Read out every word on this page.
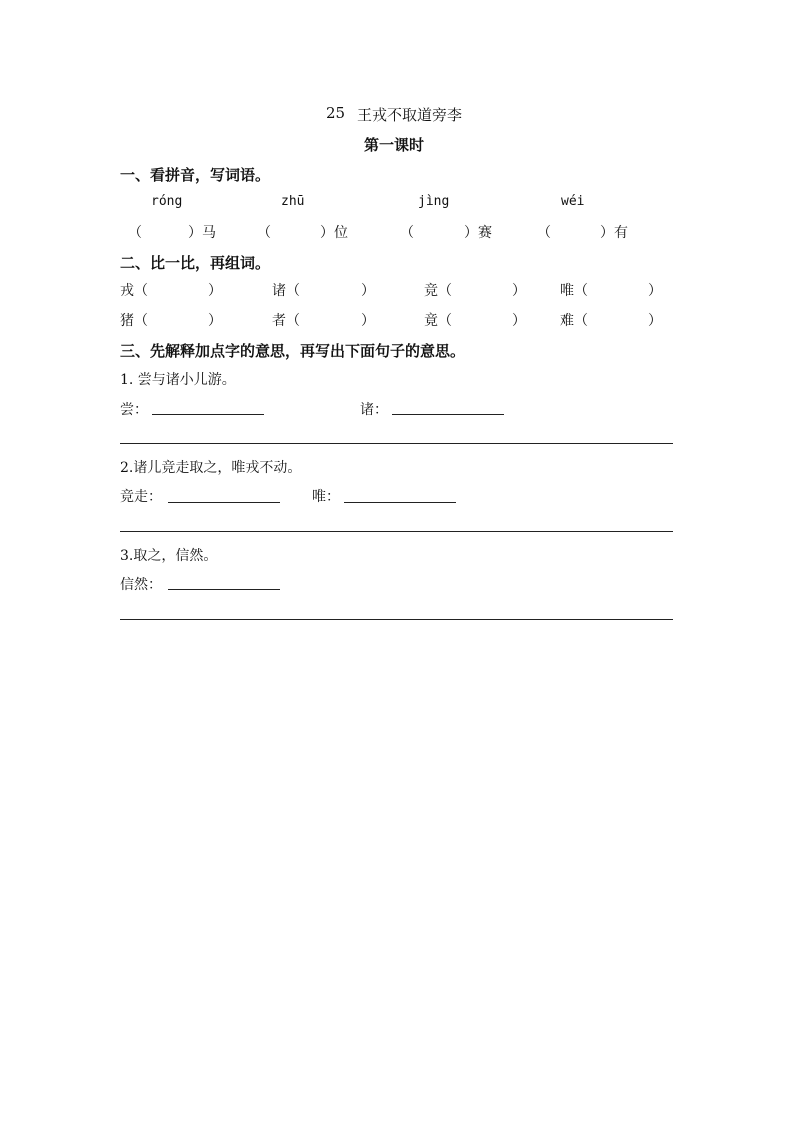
25 王戎不取道旁李
第一课时
一、看拼音，写词语。
róng	zhū	jìng	wéi
（	）马	（	）位	（	）赛	（	）有
二、比一比，再组词。
戎（	）	诸（	）	竞（	） 唯（	）
猪（	）	者（	）	竟（	） 难（	）
三、先解释加点字的意思，再写出下面句子的意思。
1. 尝与诸小儿游。
尝：	诸：
2.诸儿竞走取之，唯戎不动。
竞走：	唯：
3.取之，信然。
信然：
